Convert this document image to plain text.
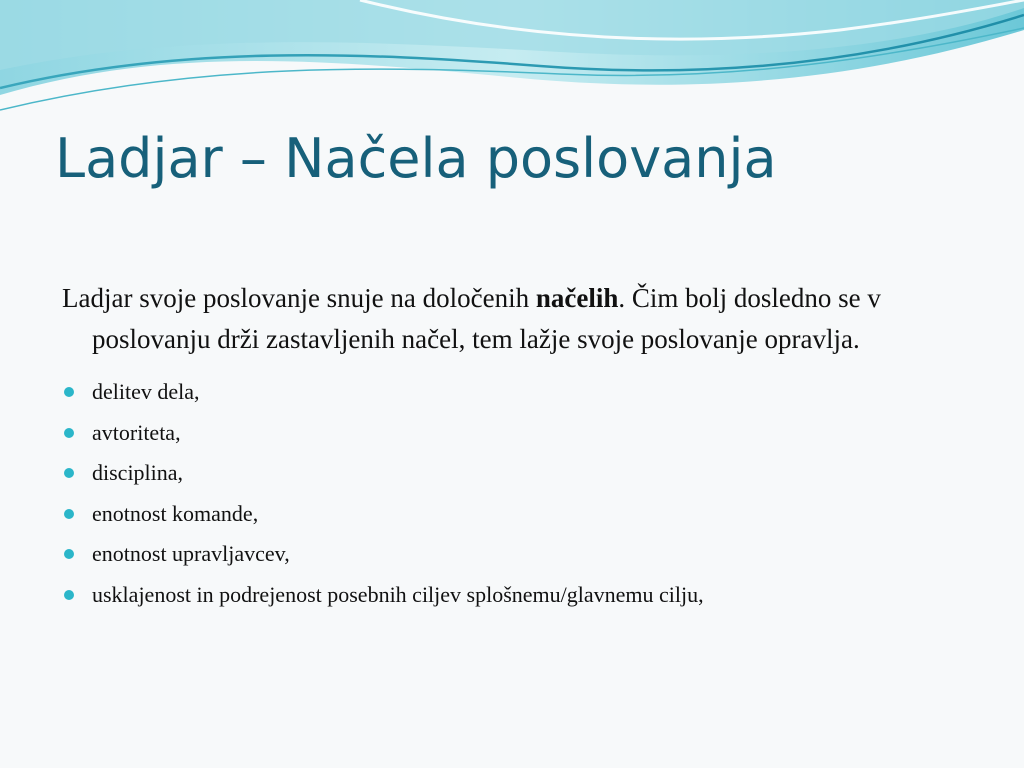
Ladjar – Načela poslovanja

Ladjar svoje poslovanje snuje na določenih načelih. Čim bolj dosledno se v poslovanju drži zastavljenih načel, tem lažje svoje poslovanje opravlja.

delitev dela,
avtoriteta,
disciplina,
enotnost komande,
enotnost upravljavcev,
usklajenost in podrejenost posebnih ciljev splošnemu/glavnemu cilju,
